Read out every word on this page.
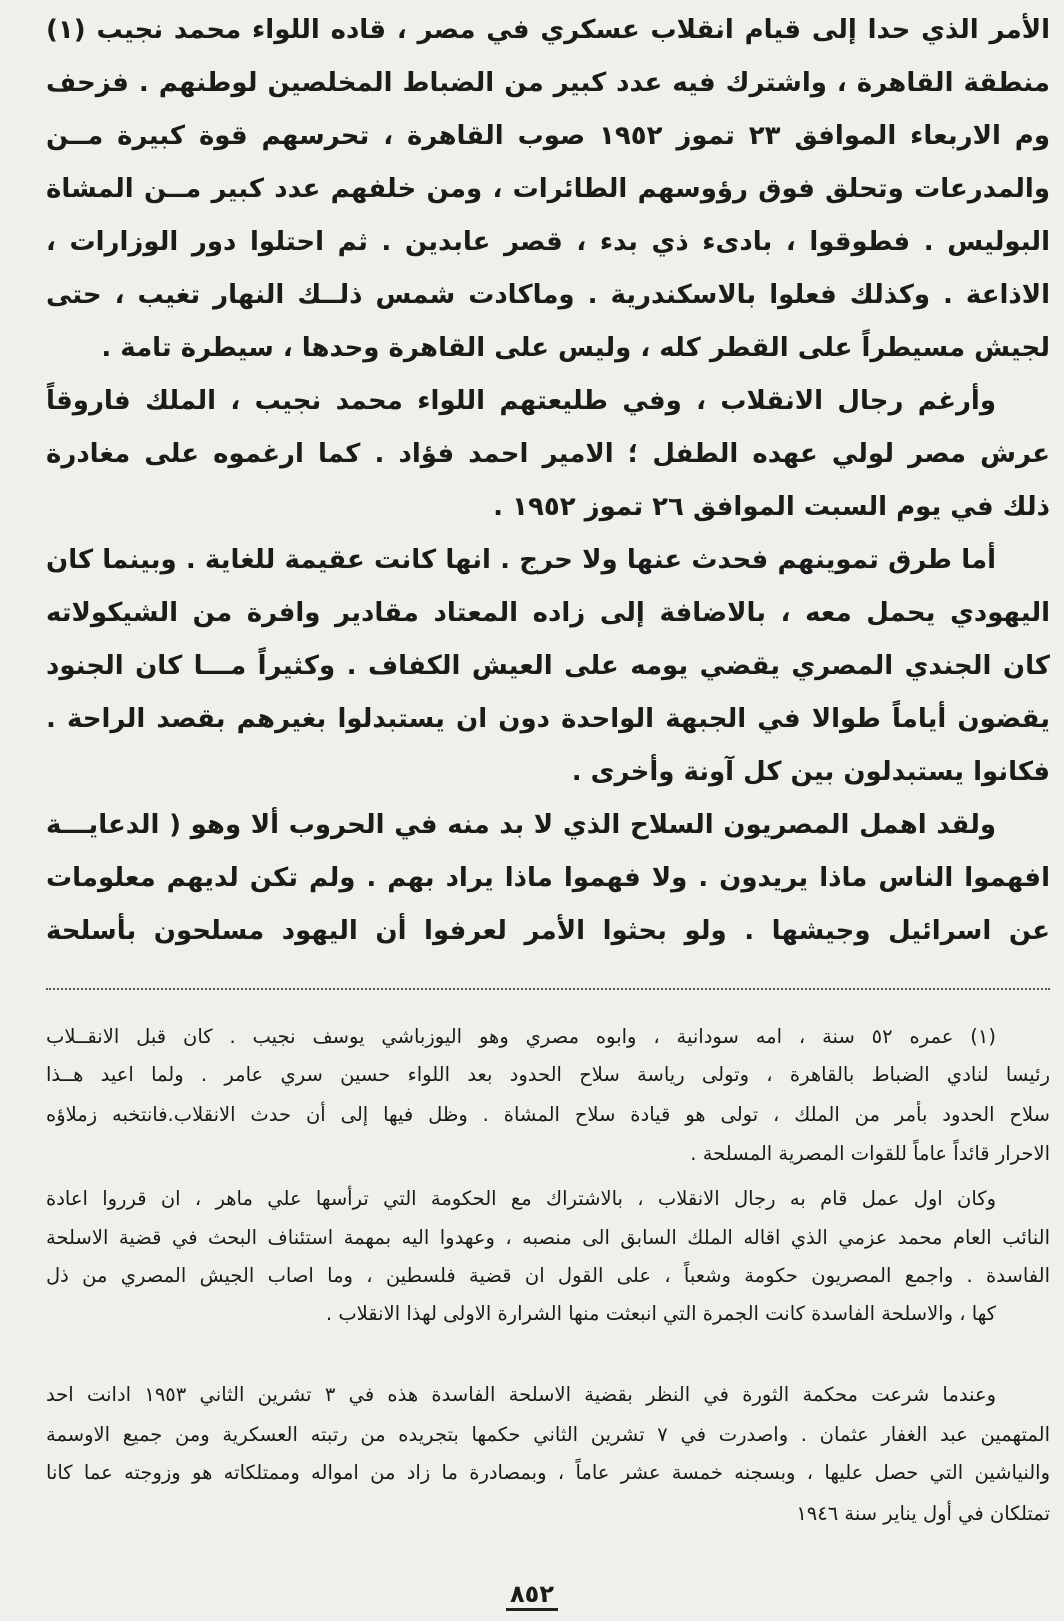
الأمر الذي حدا إلى قيام انقلاب عسكري في مصر ، قاده اللواء محمد نجيب (١)
منطقة القاهرة ، واشترك فيه عدد كبير من الضباط المخلصين لوطنهم . فزحف
وم الاربعاء الموافق ٢٣ تموز ١٩٥٢ صوب القاهرة ، تحرسهم قوة كبيرة مــن
والمدرعات وتحلق فوق رؤوسهم الطائرات ، ومن خلفهم عدد كبير مــن المشاة
البوليس . فطوقوا ، بادىء ذي بدء ، قصر عابدين . ثم احتلوا دور الوزارات ،
الاذاعة . وكذلك فعلوا بالاسكندرية . وماكادت شمس ذلــك النهار تغيب ، حتى
لجيش مسيطراً على القطر كله ، وليس على القاهرة وحدها ، سيطرة تامة .
وأرغم رجال الانقلاب ، وفي طليعتهم اللواء محمد نجيب ، الملك فاروقاً
عرش مصر لولي عهده الطفل ؛ الامير احمد فؤاد . كما ارغموه على مغادرة
ذلك في يوم السبت الموافق ٢٦ تموز ١٩٥٢ .
أما طرق تموينهم فحدث عنها ولا حرج . انها كانت عقيمة للغاية . وبينما كان
اليهودي يحمل معه ، بالاضافة إلى زاده المعتاد مقادير وافرة من الشيكولاته
كان الجندي المصري يقضي يومه على العيش الكفاف . وكثيراً مـــا كان الجنود
يقضون أياماً طوالا في الجبهة الواحدة دون ان يستبدلوا بغيرهم بقصد الراحة .
فكانوا يستبدلون بين كل آونة وأخرى .
ولقد اهمل المصريون السلاح الذي لا بد منه في الحروب ألا وهو ( الدعايـــة
افهموا الناس ماذا يريدون . ولا فهموا ماذا يراد بهم . ولم تكن لديهم معلومات
عن اسرائيل وجيشها . ولو بحثوا الأمر لعرفوا أن اليهود مسلحون بأسلحة
(١) عمره ٥٢ سنة ، امه سودانية ، وابوه مصري وهو اليوزباشي يوسف نجيب . كان قبل الانقــلاب
رئيسا لنادي الضباط بالقاهرة ، وتولى رياسة سلاح الحدود بعد اللواء حسين سري عامر . ولما اعيد هــذا
سلاح الحدود بأمر من الملك ، تولى هو قيادة سلاح المشاة . وظل فيها إلى أن حدث الانقلاب.فانتخبه زملاؤه
الاحرار قائداً عاماً للقوات المصرية المسلحة .
وكان اول عمل قام به رجال الانقلاب ، بالاشتراك مع الحكومة التي ترأسها علي ماهر ، ان قرروا اعادة
النائب العام محمد عزمي الذي اقاله الملك السابق الى منصبه ، وعهدوا اليه بمهمة استئناف البحث في قضية الاسلحة
الفاسدة . واجمع المصريون حكومة وشعباً ، على القول ان قضية فلسطين ، وما اصاب الجيش المصري من ذل
كها ، والاسلحة الفاسدة كانت الجمرة التي انبعثت منها الشرارة الاولى لهذا الانقلاب .
وعندما شرعت محكمة الثورة في النظر بقضية الاسلحة الفاسدة هذه في ٣ تشرين الثاني ١٩٥٣ ادانت احد
المتهمين عبد الغفار عثمان . واصدرت في ٧ تشرين الثاني حكمها بتجريده من رتبته العسكرية ومن جميع الاوسمة
والنياشين التي حصل عليها ، وبسجنه خمسة عشر عاماً ، وبمصادرة ما زاد من امواله وممتلكاته هو وزوجته عما كانا
تمتلكان في أول يناير سنة ١٩٤٦
٨٥٢
